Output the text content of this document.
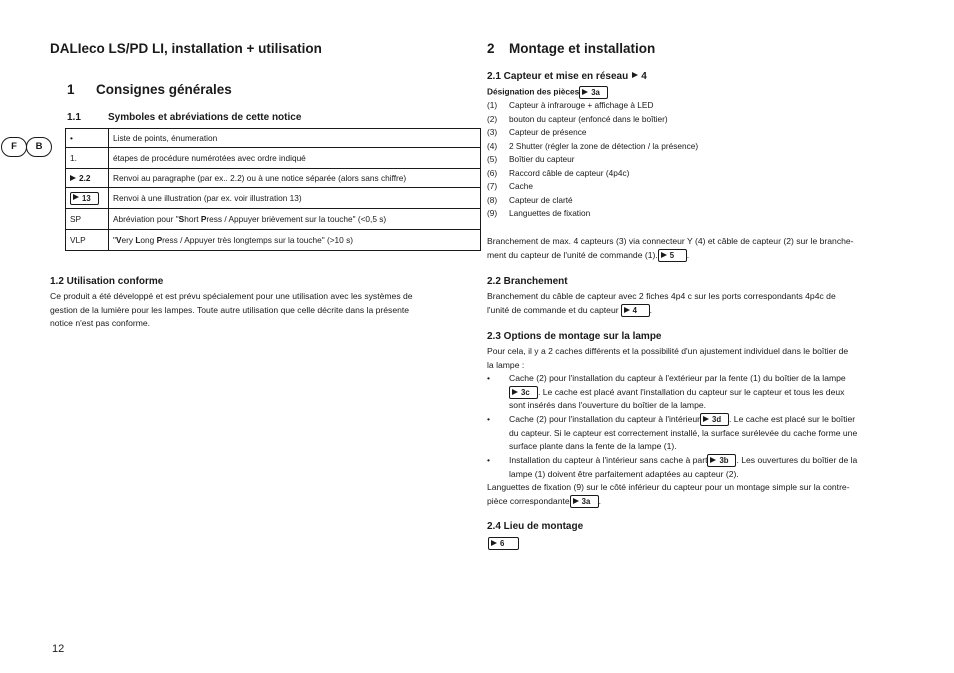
DALIeco LS/PD LI, installation + utilisation
1 Consignes générales
F	B
1.1	Symboles et abréviations de cette notice
•	Liste de points, énumeration
1.	étapes de procédure numérotées avec ordre indiqué
2.2	Renvoi au paragraphe (par ex.. 2.2) ou à une notice séparée (alors sans chiffre)
13	Renvoi à une illustration (par ex. voir illustration 13)
SP	Abréviation pour "Short Press / Appuyer brièvement sur la touche" (<0,5 s)
VLP	"Very Long Press / Appuyer très longtemps sur la touche" (>10 s)
1.2 Utilisation conforme
Ce produit a été développé et est prévu spécialement pour une utilisation avec les systèmes de
gestion de la lumière pour les lampes. Toute autre utilisation que celle décrite dans la présente
notice n'est pas conforme.
12
2 Montage et installation
2.1 Capteur et mise en réseau 4
Désignation des pièces 3a
(1) Capteur à infrarouge + affichage à LED
(2) bouton du capteur (enfoncé dans le boîtier)
(3) Capteur de présence
(4) 2 Shutter (régler la zone de détection / la présence)
(5) Boîtier du capteur
(6) Raccord câble de capteur (4p4c)
(7) Cache
(8) Capteur de clarté
(9) Languettes de fixation
Branchement de max. 4 capteurs (3) via connecteur Y (4) et câble de capteur (2) sur le branche-
ment du capteur de l'unité de commande (1). 5 .
2.2 Branchement
Branchement du câble de capteur avec 2 fiches 4p4 c sur les ports correspondants 4p4c de
l'unité de commande et du capteur 4 .
2.3 Options de montage sur la lampe
Pour cela, il y a 2 caches différents et la possibilité d'un ajustement individuel dans le boîtier de
la lampe :
• Cache (2) pour l'installation du capteur à l'extérieur par la fente (1) du boîtier de la lampe
3c . Le cache est placé avant l'installation du capteur sur le capteur et tous les deux
sont insérés dans l'ouverture du boîtier de la lampe.
• Cache (2) pour l'installation du capteur à l'intérieur 3d . Le cache est placé sur le boîtier
du capteur. Si le capteur est correctement installé, la surface surélevée du cache forme une
surface plante dans la fente de la lampe (1).
• Installation du capteur à l'intérieur sans cache à part 3b . Les ouvertures du boîtier de la
lampe (1) doivent être parfaitement adaptées au capteur (2).
Languettes de fixation (9) sur le côté inférieur du capteur pour un montage simple sur la contre-
pièce correspondante 3a .
2.4 Lieu de montage
6
